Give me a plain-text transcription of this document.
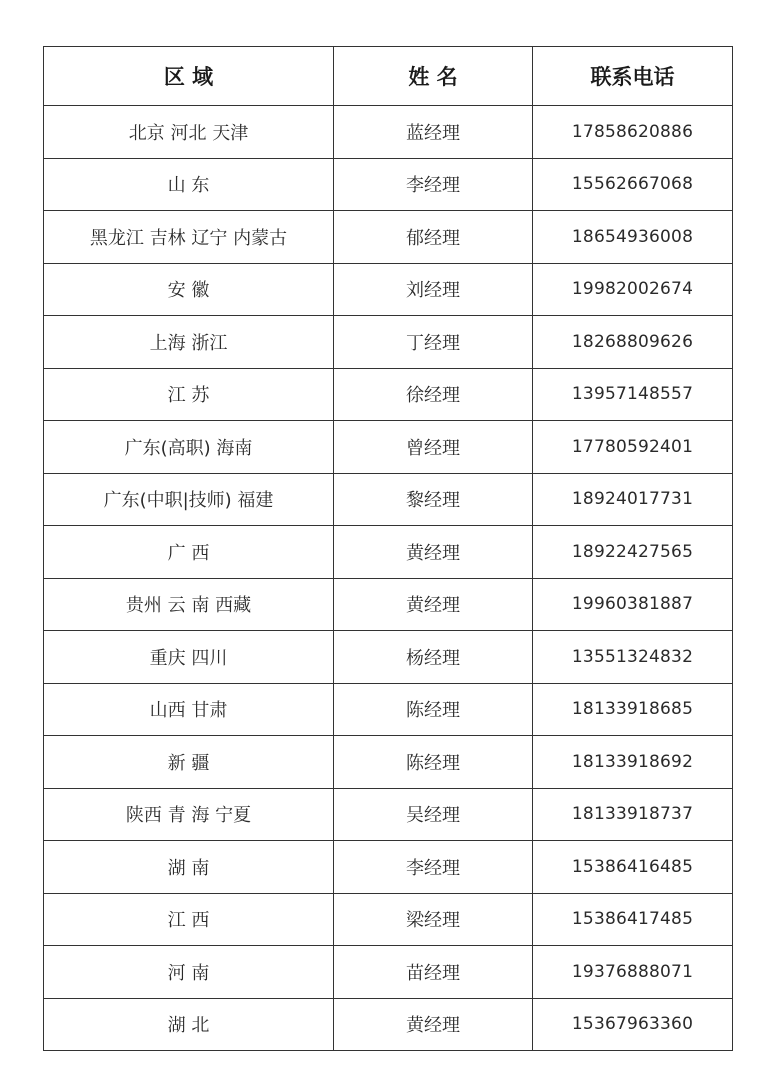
区 域	姓 名	联系电话
北京 河北 天津	蓝经理	17858620886
山 东	李经理	15562667068
黑龙江 吉林 辽宁 内蒙古	郁经理	18654936008
安 徽	刘经理	19982002674
上海 浙江	丁经理	18268809626
江 苏	徐经理	13957148557
广东(高职) 海南	曾经理	17780592401
广东(中职|技师) 福建	黎经理	18924017731
广 西	黄经理	18922427565
贵州 云 南 西藏	黄经理	19960381887
重庆 四川	杨经理	13551324832
山西 甘肃	陈经理	18133918685
新 疆	陈经理	18133918692
陕西 青 海 宁夏	吴经理	18133918737
湖 南	李经理	15386416485
江 西	梁经理	15386417485
河 南	苗经理	19376888071
湖 北	黄经理	15367963360
